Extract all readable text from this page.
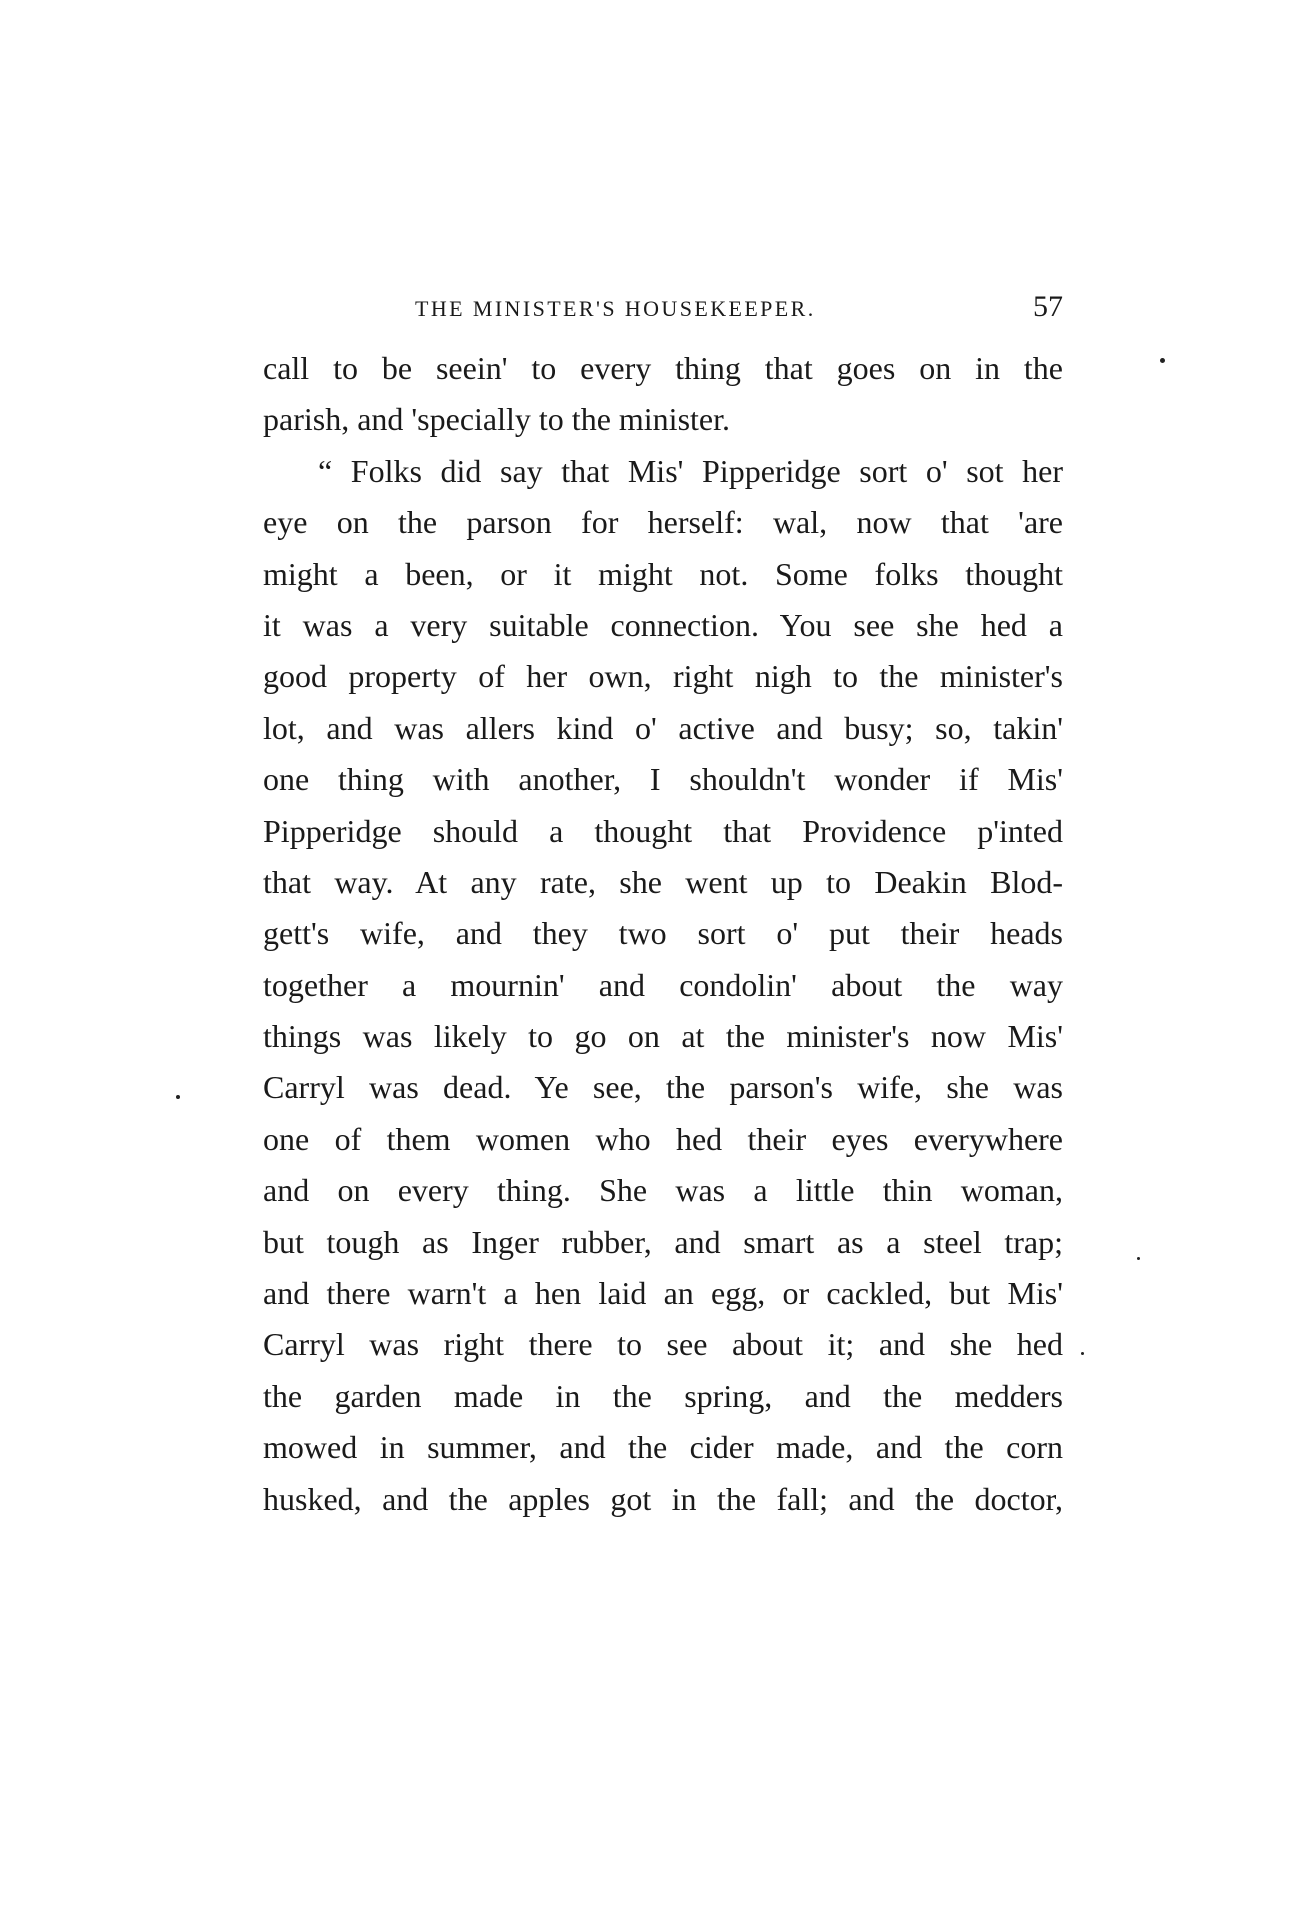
THE MINISTER'S HOUSEKEEPER.	57
call to be seein' to every thing that goes on in the
parish, and 'specially to the minister.
“ Folks did say that Mis' Pipperidge sort o' sot her
eye on the parson for herself: wal, now that 'are
might a been, or it might not. Some folks thought
it was a very suitable connection. You see she hed a
good property of her own, right nigh to the minister's
lot, and was allers kind o' active and busy; so, takin'
one thing with another, I shouldn't wonder if Mis'
Pipperidge should a thought that Providence p'inted
that way. At any rate, she went up to Deakin Blod-
gett's wife, and they two sort o' put their heads
together a mournin' and condolin' about the way
things was likely to go on at the minister's now Mis'
Carryl was dead. Ye see, the parson's wife, she was
one of them women who hed their eyes everywhere
and on every thing. She was a little thin woman,
but tough as Inger rubber, and smart as a steel trap;
and there warn't a hen laid an egg, or cackled, but Mis'
Carryl was right there to see about it; and she hed
the garden made in the spring, and the medders
mowed in summer, and the cider made, and the corn
husked, and the apples got in the fall; and the doctor,
